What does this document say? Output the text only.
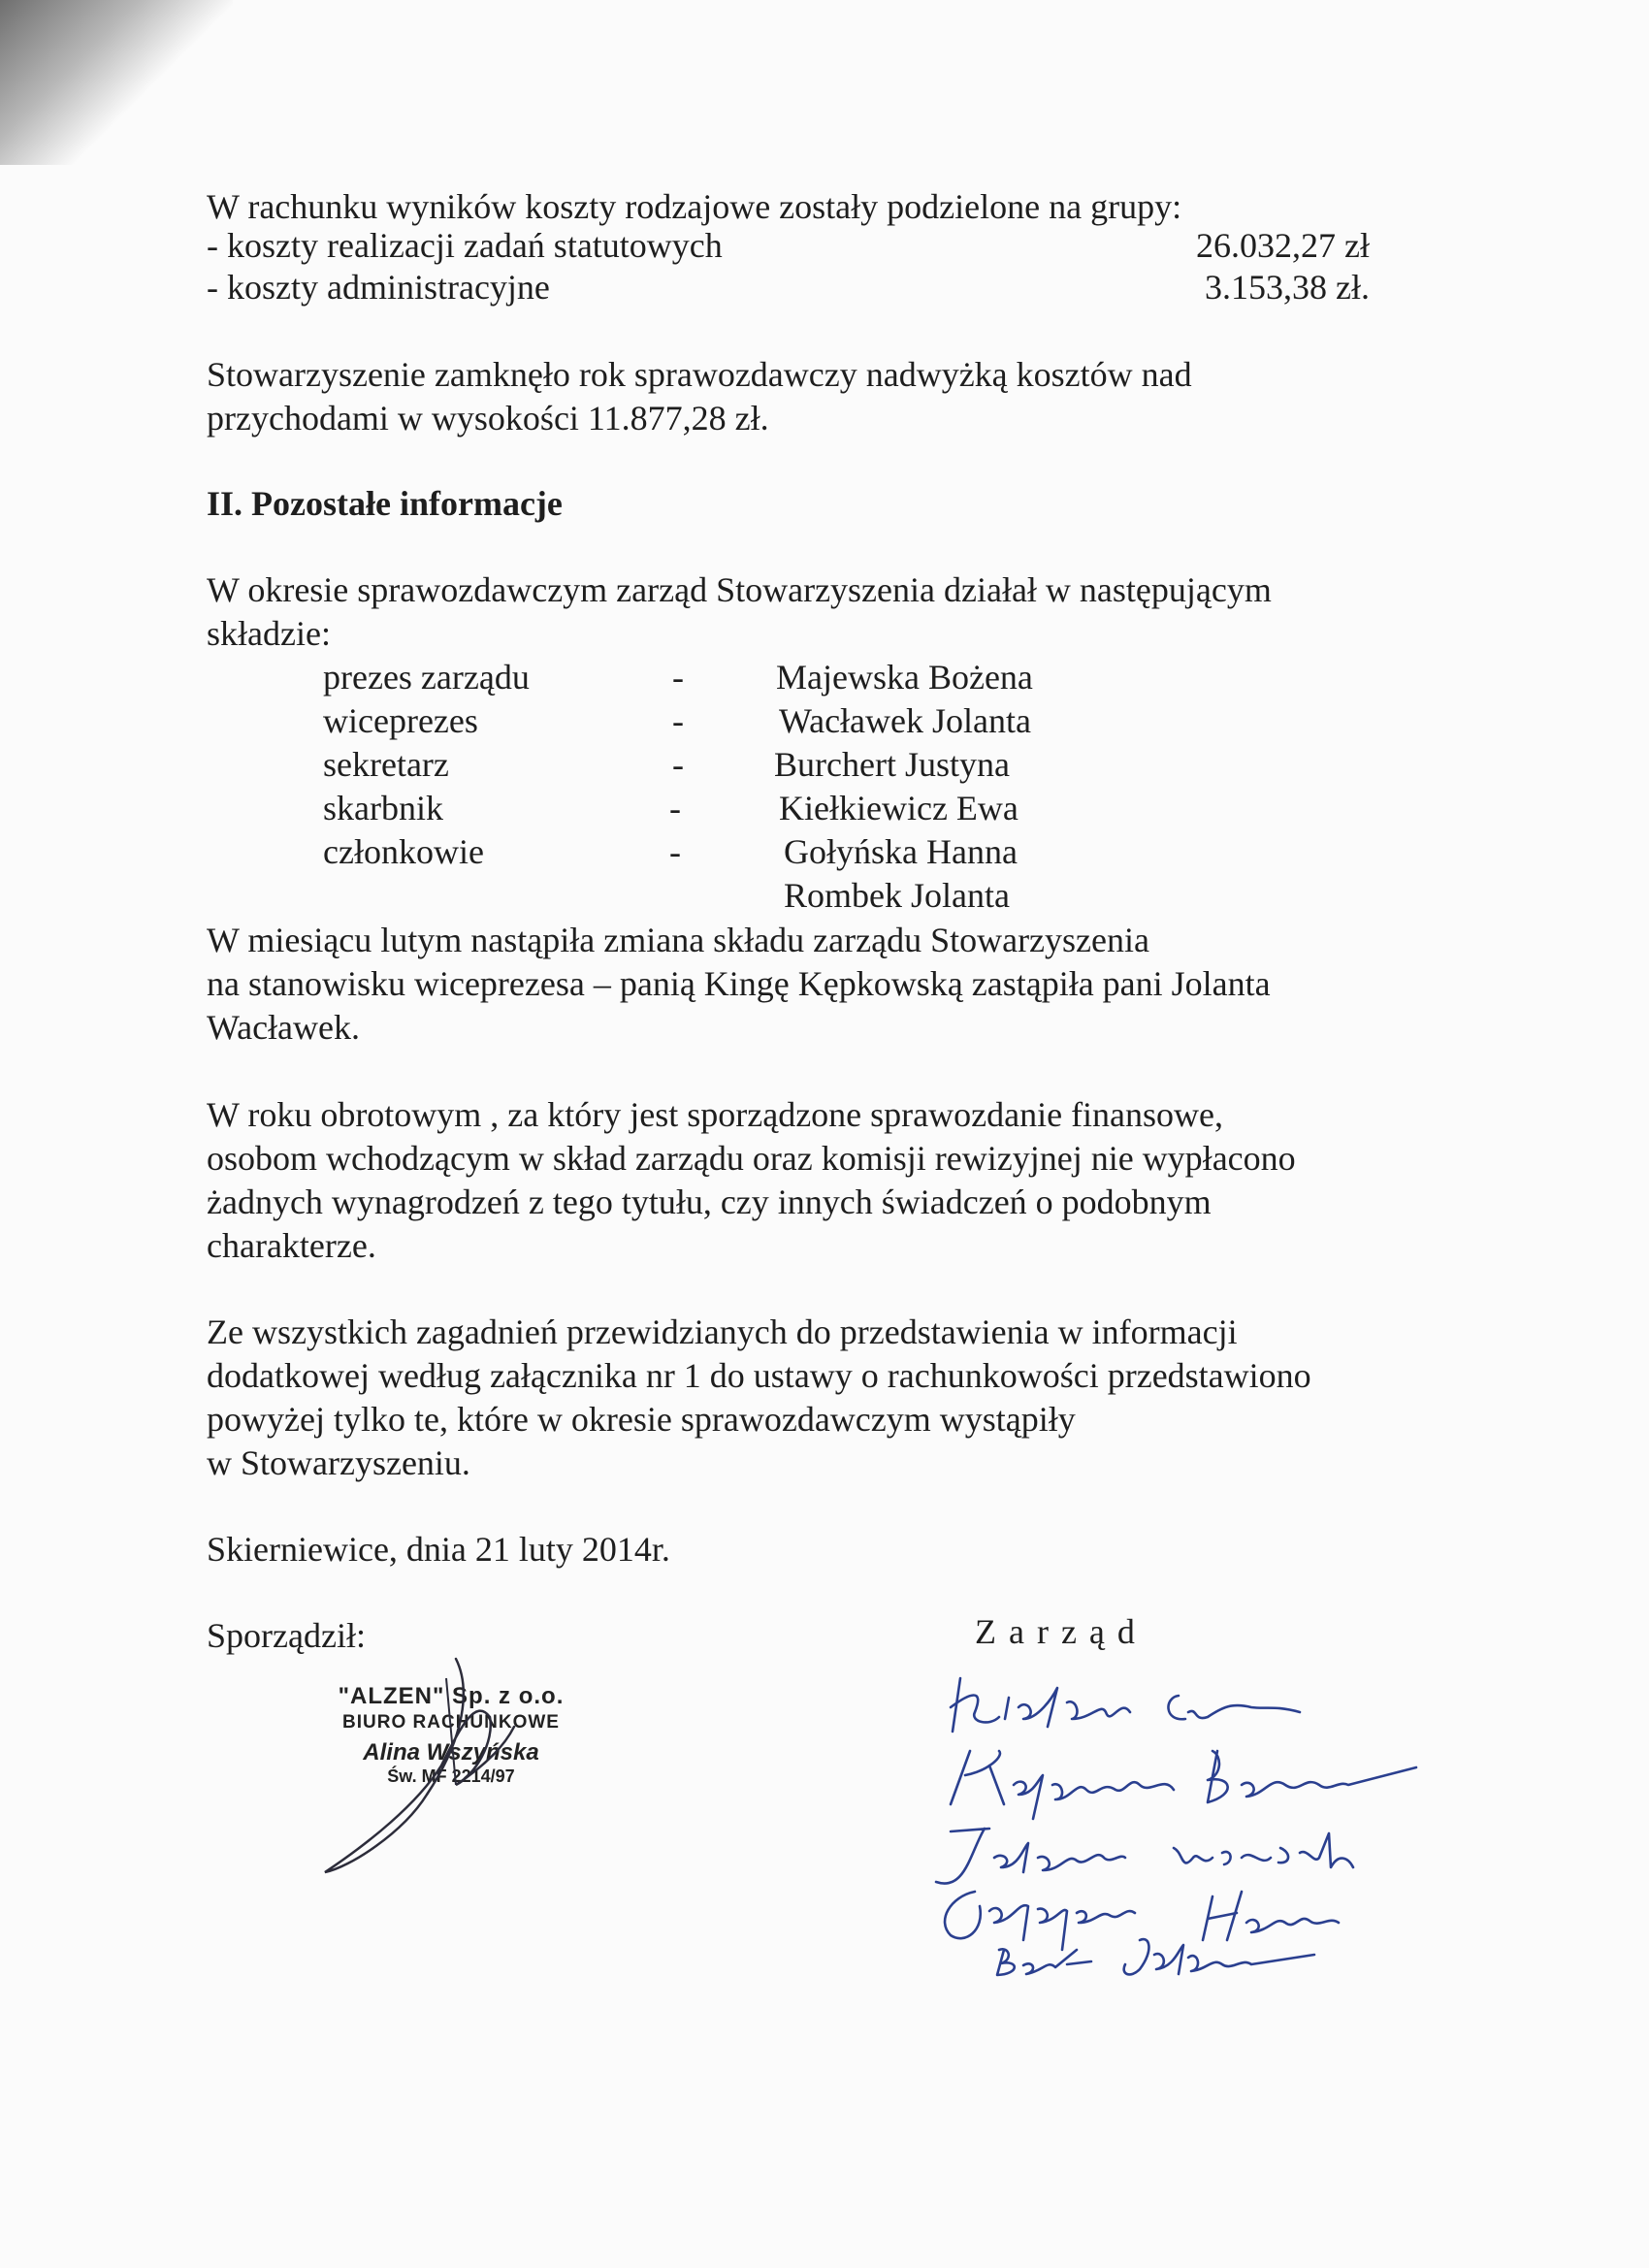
W rachunku wyników koszty rodzajowe zostały podzielone na grupy:
- koszty realizacji zadań statutowych	26.032,27 zł
- koszty administracyjne	3.153,38 zł.
Stowarzyszenie zamknęło rok sprawozdawczy nadwyżką kosztów nad
przychodami w wysokości 11.877,28 zł.
II. Pozostałe informacje
W okresie sprawozdawczym zarząd Stowarzyszenia działał w następującym
składzie:
prezes zarządu	-	Majewska Bożena
wiceprezes	-	Wacławek Jolanta
sekretarz	-	Burchert Justyna
skarbnik	-	Kiełkiewicz Ewa
członkowie	-	Gołyńska Hanna
Rombek Jolanta
W miesiącu lutym nastąpiła zmiana składu zarządu Stowarzyszenia
na stanowisku wiceprezesa – panią Kingę Kępkowską zastąpiła pani Jolanta
Wacławek.
W roku obrotowym , za który jest sporządzone sprawozdanie finansowe,
osobom wchodzącym w skład zarządu oraz komisji rewizyjnej nie wypłacono
żadnych wynagrodzeń z tego tytułu, czy innych świadczeń o podobnym
charakterze.
Ze wszystkich zagadnień przewidzianych do przedstawienia w informacji
dodatkowej według załącznika nr 1 do ustawy o rachunkowości przedstawiono
powyżej tylko te, które w okresie sprawozdawczym wystąpiły
w Stowarzyszeniu.
Skierniewice, dnia 21 luty 2014r.
Sporządził:	Z a r z ą d
"ALZEN" Sp. z o.o.
BIURO RACHUNKOWE
Alina Wszyńska
Św. MF 2214/97
